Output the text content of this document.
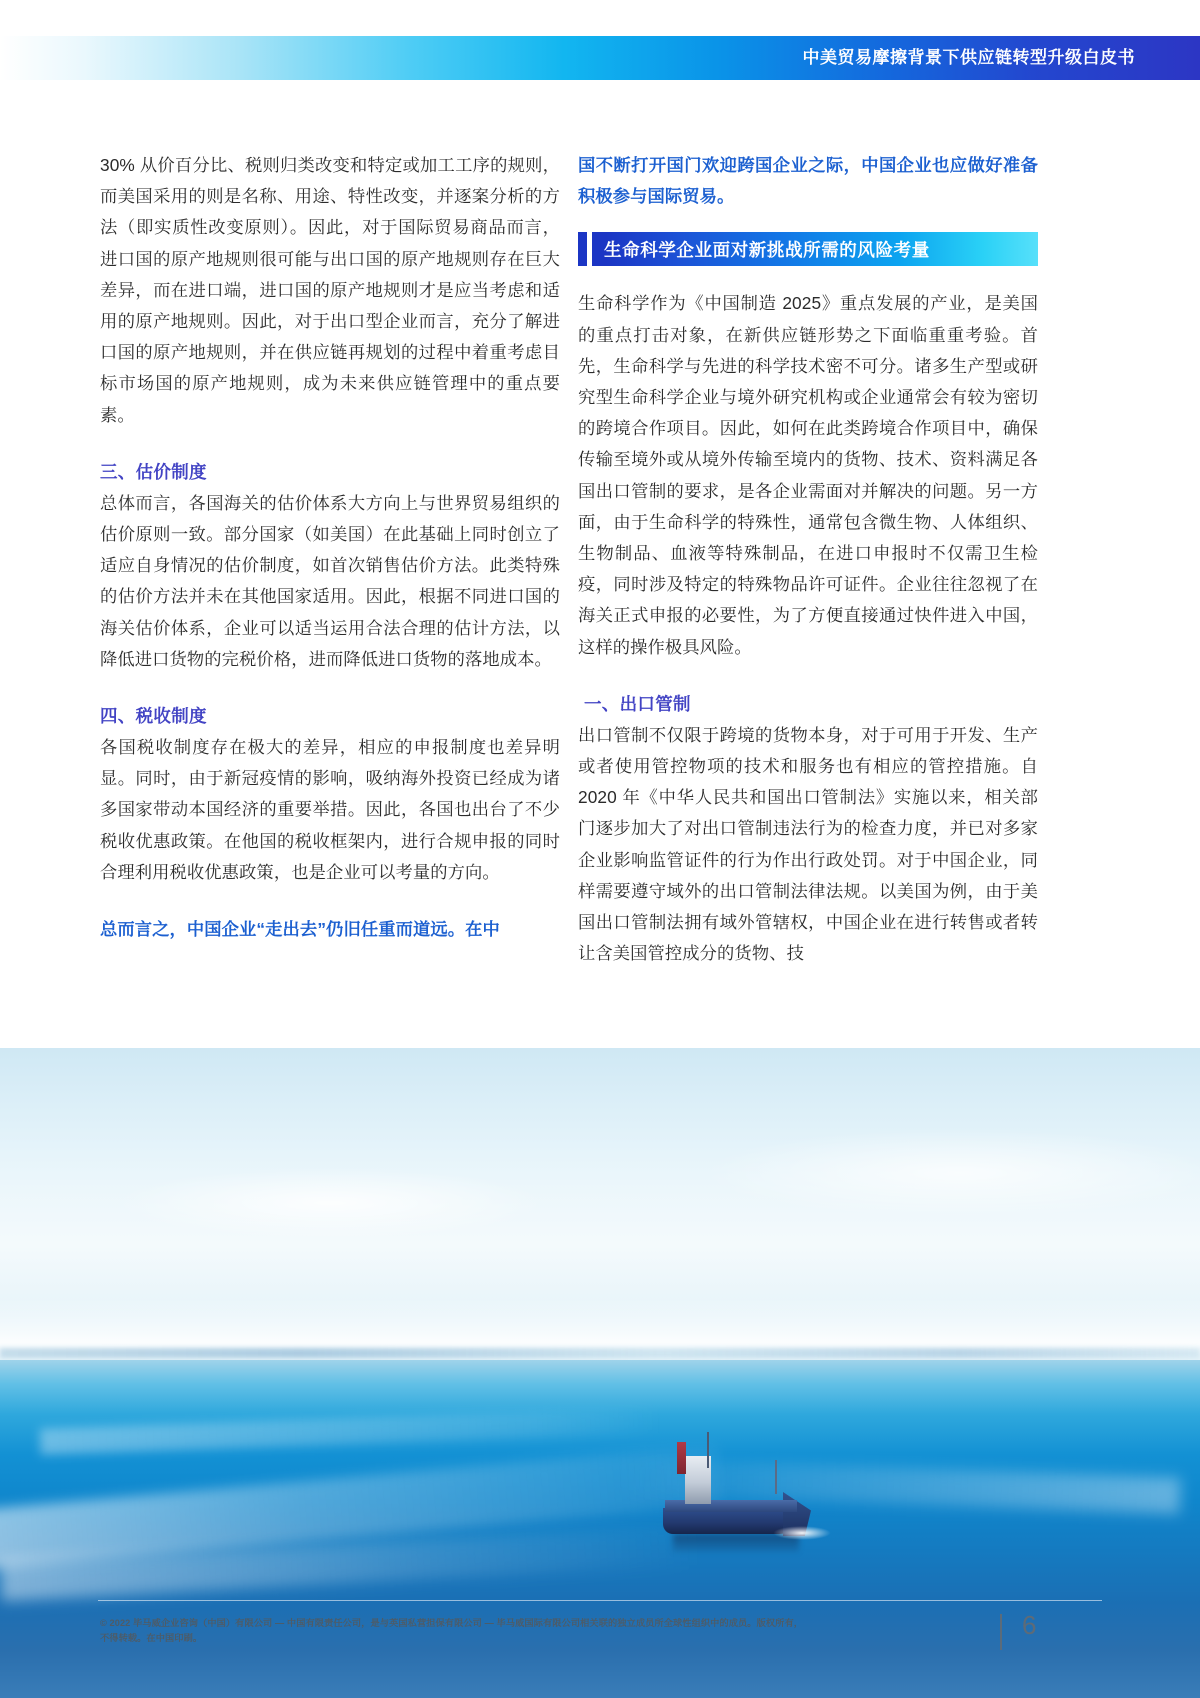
中美贸易摩擦背景下供应链转型升级白皮书

30% 从价百分比、税则归类改变和特定或加工工序的规则，而美国采用的则是名称、用途、特性改变，并逐案分析的方法（即实质性改变原则）。因此，对于国际贸易商品而言，进口国的原产地规则很可能与出口国的原产地规则存在巨大差异，而在进口端，进口国的原产地规则才是应当考虑和适用的原产地规则。因此，对于出口型企业而言，充分了解进口国的原产地规则，并在供应链再规划的过程中着重考虑目标市场国的原产地规则，成为未来供应链管理中的重点要素。

三、估价制度

总体而言，各国海关的估价体系大方向上与世界贸易组织的估价原则一致。部分国家（如美国）在此基础上同时创立了适应自身情况的估价制度，如首次销售估价方法。此类特殊的估价方法并未在其他国家适用。因此，根据不同进口国的海关估价体系，企业可以适当运用合法合理的估计方法，以降低进口货物的完税价格，进而降低进口货物的落地成本。

四、税收制度

各国税收制度存在极大的差异，相应的申报制度也差异明显。同时，由于新冠疫情的影响，吸纳海外投资已经成为诸多国家带动本国经济的重要举措。因此，各国也出台了不少税收优惠政策。在他国的税收框架内，进行合规申报的同时合理利用税收优惠政策，也是企业可以考量的方向。

总而言之，中国企业“走出去”仍旧任重而道远。在中

国不断打开国门欢迎跨国企业之际，中国企业也应做好准备积极参与国际贸易。

生命科学企业面对新挑战所需的风险考量

生命科学作为《中国制造 2025》重点发展的产业，是美国的重点打击对象，在新供应链形势之下面临重重考验。首先，生命科学与先进的科学技术密不可分。诸多生产型或研究型生命科学企业与境外研究机构或企业通常会有较为密切的跨境合作项目。因此，如何在此类跨境合作项目中，确保传输至境外或从境外传输至境内的货物、技术、资料满足各国出口管制的要求，是各企业需面对并解决的问题。另一方面，由于生命科学的特殊性，通常包含微生物、人体组织、生物制品、血液等特殊制品，在进口申报时不仅需卫生检疫，同时涉及特定的特殊物品许可证件。企业往往忽视了在海关正式申报的必要性，为了方便直接通过快件进入中国，这样的操作极具风险。

一、出口管制

出口管制不仅限于跨境的货物本身，对于可用于开发、生产或者使用管控物项的技术和服务也有相应的管控措施。自 2020 年《中华人民共和国出口管制法》实施以来，相关部门逐步加大了对出口管制违法行为的检查力度，并已对多家企业影响监管证件的行为作出行政处罚。对于中国企业，同样需要遵守域外的出口管制法律法规。以美国为例，由于美国出口管制法拥有域外管辖权，中国企业在进行转售或者转让含美国管控成分的货物、技

© 2022 毕马威企业咨询（中国）有限公司 — 中国有限责任公司，是与英国私营担保有限公司 — 毕马威国际有限公司相关联的独立成员所全球性组织中的成员。版权所有，
不得转载。在中国印刷。	6
